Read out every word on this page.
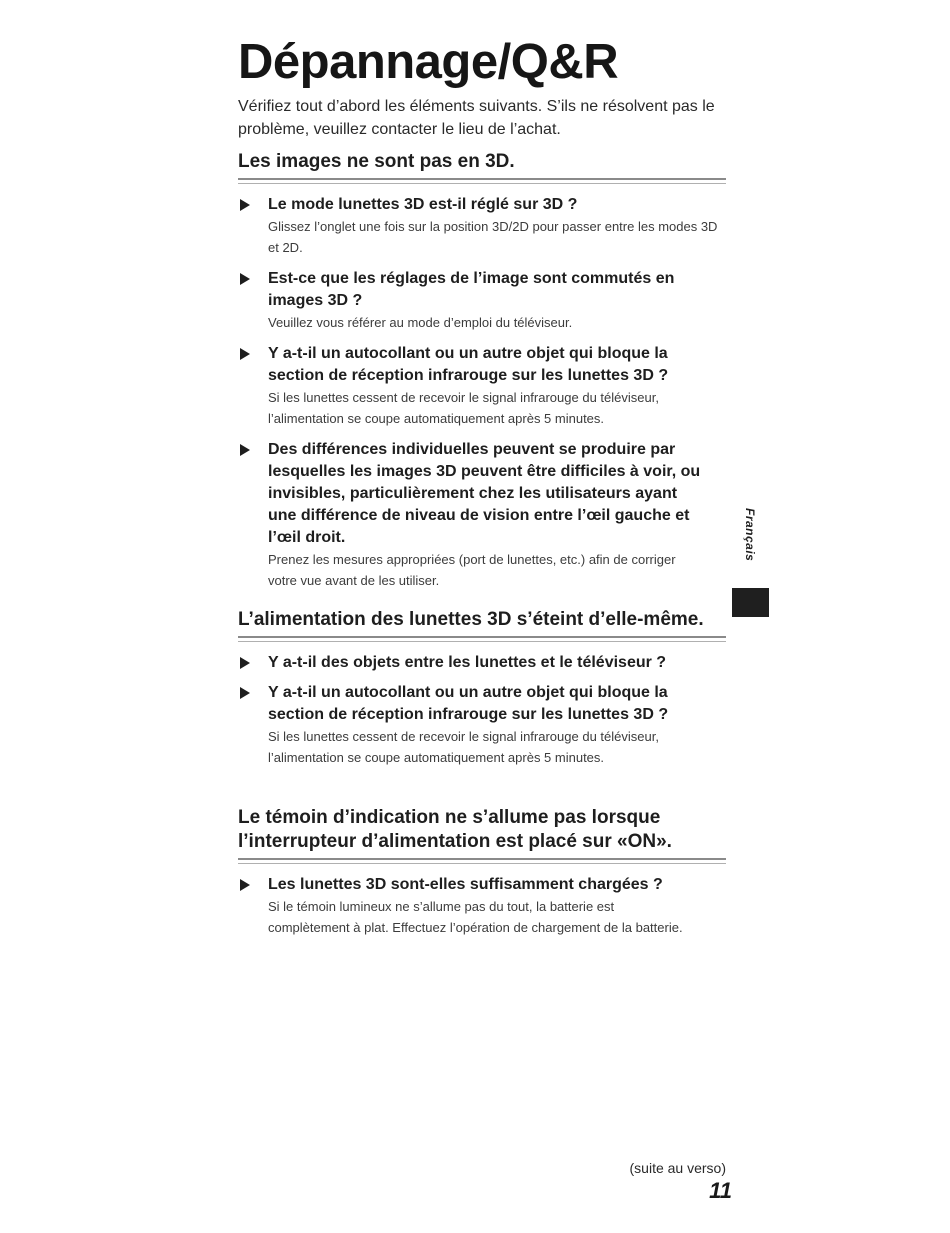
Dépannage/Q&R

Vérifiez tout d’abord les éléments suivants. S’ils ne résolvent pas le problème, veuillez contacter le lieu de l’achat.

Les images ne sont pas en 3D.

Le mode lunettes 3D est-il réglé sur 3D ?

Glissez l’onglet une fois sur la position 3D/2D pour passer entre les modes 3D et 2D.

Est-ce que les réglages de l’image sont commutés en images 3D ?

Veuillez vous référer au mode d’emploi du téléviseur.

Y a-t-il un autocollant ou un autre objet qui bloque la section de réception infrarouge sur les lunettes 3D ?

Si les lunettes cessent de recevoir le signal infrarouge du téléviseur, l’alimentation se coupe automatiquement après 5 minutes.

Des différences individuelles peuvent se produire par lesquelles les images 3D peuvent être difficiles à voir, ou invisibles, particulièrement chez les utilisateurs ayant une différence de niveau de vision entre l’œil gauche et l’œil droit.

Prenez les mesures appropriées (port de lunettes, etc.) afin de corriger votre vue avant de les utiliser.

L’alimentation des lunettes 3D s’éteint d’elle-même.

Y a-t-il des objets entre les lunettes et le téléviseur ?

Y a-t-il un autocollant ou un autre objet qui bloque la section de réception infrarouge sur les lunettes 3D ?

Si les lunettes cessent de recevoir le signal infrarouge du téléviseur, l’alimentation se coupe automatiquement après 5 minutes.

Le témoin d’indication ne s’allume pas lorsque l’interrupteur d’alimentation est placé sur «ON».

Les lunettes 3D sont-elles suffisamment chargées ?

Si le témoin lumineux ne s’allume pas du tout, la batterie est complètement à plat. Effectuez l’opération de chargement de la batterie.

Français
(suite au verso)
11
